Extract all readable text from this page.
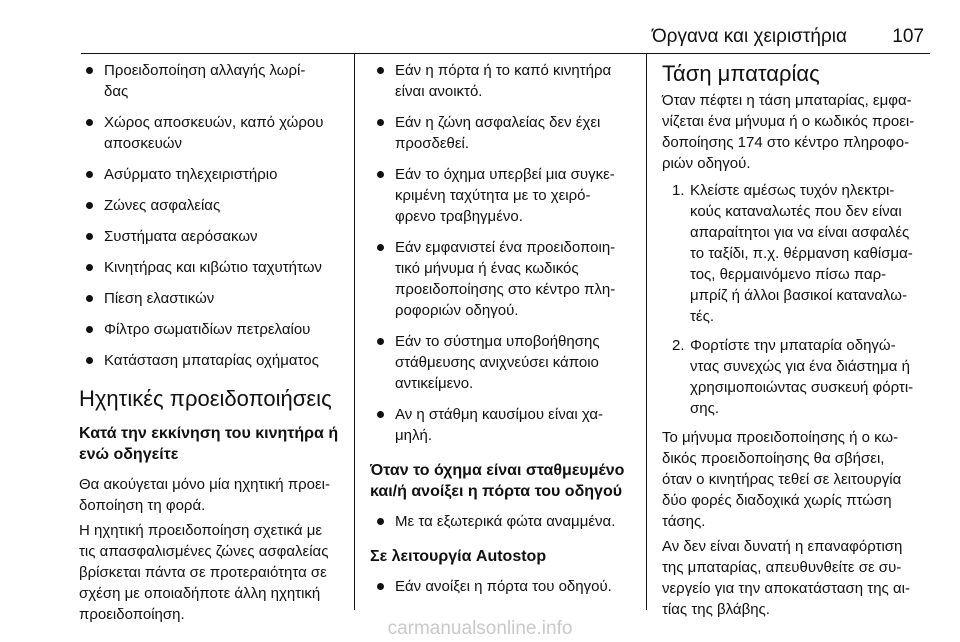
Όργανα και χειριστήρια 107
Προειδοποίηση αλλαγής λωρί-
δας
Χώρος αποσκευών, καπό χώρου
αποσκευών
Ασύρματο τηλεχειριστήριο
Ζώνες ασφαλείας
Συστήματα αερόσακων
Κινητήρας και κιβώτιο ταχυτήτων
Πίεση ελαστικών
Φίλτρο σωματιδίων πετρελαίου
Κατάσταση μπαταρίας οχήματος
Ηχητικές προειδοποιήσεις
Κατά την εκκίνηση του κινητήρα ή
ενώ οδηγείτε
Θα ακούγεται μόνο μία ηχητική προει-
δοποίηση τη φορά.
Η ηχητική προειδοποίηση σχετικά με
τις απασφαλισμένες ζώνες ασφαλείας
βρίσκεται πάντα σε προτεραιότητα σε
σχέση με οποιαδήποτε άλλη ηχητική
προειδοποίηση.
Εάν η πόρτα ή το καπό κινητήρα
είναι ανοικτό.
Εάν η ζώνη ασφαλείας δεν έχει
προσδεθεί.
Εάν το όχημα υπερβεί μια συγκε-
κριμένη ταχύτητα με το χειρό-
φρενο τραβηγμένο.
Εάν εμφανιστεί ένα προειδοποιη-
τικό μήνυμα ή ένας κωδικός
προειδοποίησης στο κέντρο πλη-
ροφοριών οδηγού.
Εάν το σύστημα υποβοήθησης
στάθμευσης ανιχνεύσει κάποιο
αντικείμενο.
Αν η στάθμη καυσίμου είναι χα-
μηλή.
Όταν το όχημα είναι σταθμευμένο
και/ή ανοίξει η πόρτα του οδηγού
Με τα εξωτερικά φώτα αναμμένα.
Σε λειτουργία Autostop
Εάν ανοίξει η πόρτα του οδηγού.
Τάση μπαταρίας
Όταν πέφτει η τάση μπαταρίας, εμφα-
νίζεται ένα μήνυμα ή ο κωδικός προει-
δοποίησης 174 στο κέντρο πληροφο-
ριών οδηγού.
1. Κλείστε αμέσως τυχόν ηλεκτρι-
κούς καταναλωτές που δεν είναι
απαραίτητοι για να είναι ασφαλές
το ταξίδι, π.χ. θέρμανση καθίσμα-
τος, θερμαινόμενο πίσω παρ-
μπρίζ ή άλλοι βασικοί καταναλω-
τές.
2. Φορτίστε την μπαταρία οδηγώ-
ντας συνεχώς για ένα διάστημα ή
χρησιμοποιώντας συσκευή φόρτι-
σης.
Το μήνυμα προειδοποίησης ή ο κω-
δικός προειδοποίησης θα σβήσει,
όταν ο κινητήρας τεθεί σε λειτουργία
δύο φορές διαδοχικά χωρίς πτώση
τάσης.
Αν δεν είναι δυνατή η επαναφόρτιση
της μπαταρίας, απευθυνθείτε σε συ-
νεργείο για την αποκατάσταση της αι-
τίας της βλάβης.
carmanualsonline.info
